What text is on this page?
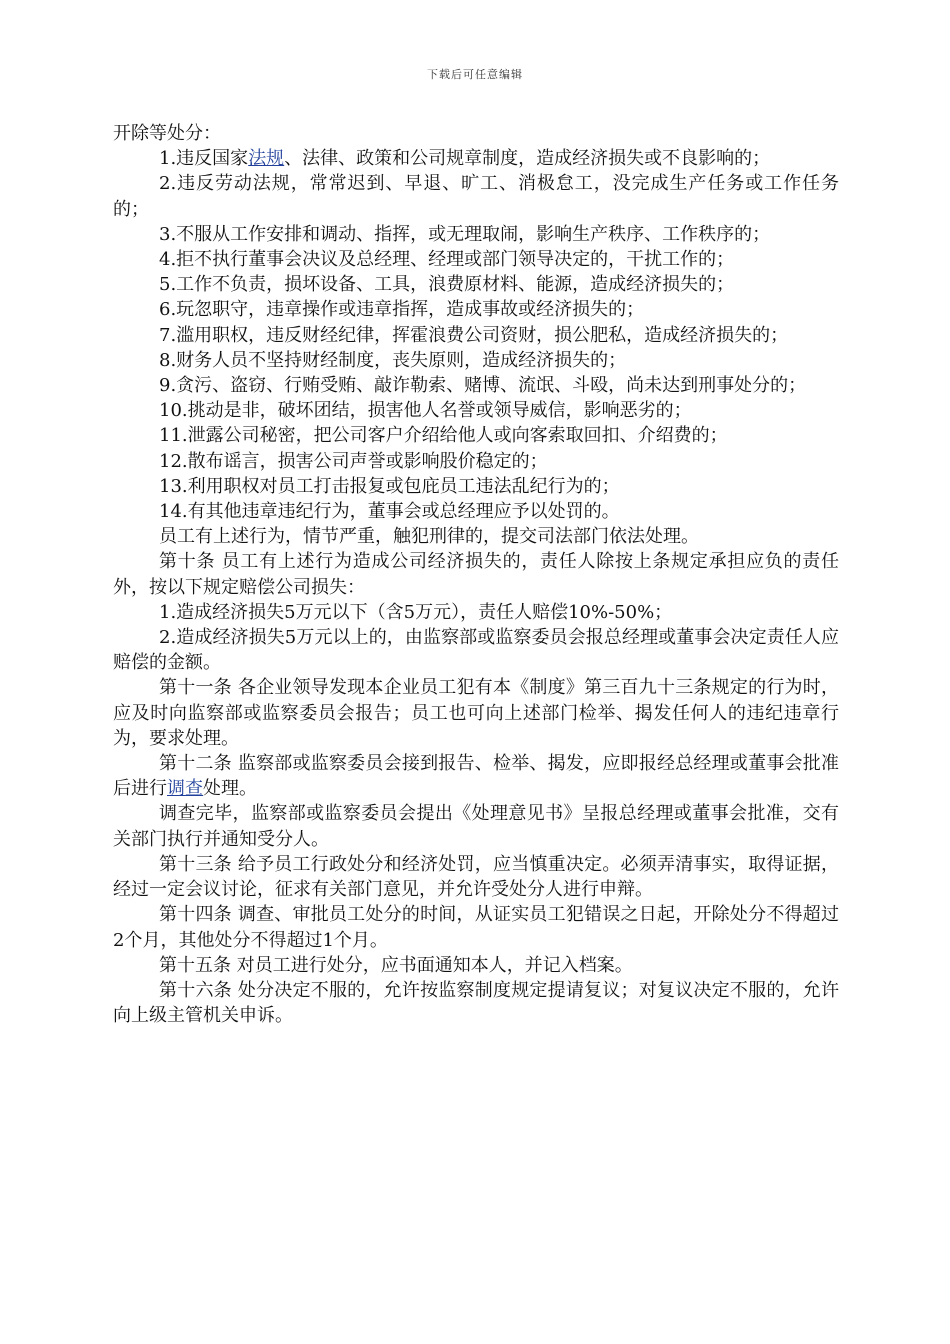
下载后可任意编辑

开除等处分：

1.违反国家法规、法律、政策和公司规章制度，造成经济损失或不良影响的；

2.违反劳动法规，常常迟到、早退、旷工、消极怠工，没完成生产任务或工作任务的；

3.不服从工作安排和调动、指挥，或无理取闹，影响生产秩序、工作秩序的；

4.拒不执行董事会决议及总经理、经理或部门领导决定的，干扰工作的；

5.工作不负责，损坏设备、工具，浪费原材料、能源，造成经济损失的；

6.玩忽职守，违章操作或违章指挥，造成事故或经济损失的；

7.滥用职权，违反财经纪律，挥霍浪费公司资财，损公肥私，造成经济损失的；

8.财务人员不坚持财经制度，丧失原则，造成经济损失的；

9.贪污、盗窃、行贿受贿、敲诈勒索、赌博、流氓、斗殴，尚未达到刑事处分的；

10.挑动是非，破坏团结，损害他人名誉或领导威信，影响恶劣的；

11.泄露公司秘密，把公司客户介绍给他人或向客索取回扣、介绍费的；

12.散布谣言，损害公司声誉或影响股价稳定的；

13.利用职权对员工打击报复或包庇员工违法乱纪行为的；

14.有其他违章违纪行为，董事会或总经理应予以处罚的。

员工有上述行为，情节严重，触犯刑律的，提交司法部门依法处理。

第十条 员工有上述行为造成公司经济损失的，责任人除按上条规定承担应负的责任外，按以下规定赔偿公司损失：

1.造成经济损失5万元以下（含5万元），责任人赔偿10%-50%；

2.造成经济损失5万元以上的，由监察部或监察委员会报总经理或董事会决定责任人应赔偿的金额。

第十一条 各企业领导发现本企业员工犯有本《制度》第三百九十三条规定的行为时，应及时向监察部或监察委员会报告；员工也可向上述部门检举、揭发任何人的违纪违章行为，要求处理。

第十二条 监察部或监察委员会接到报告、检举、揭发，应即报经总经理或董事会批准后进行调查处理。

调查完毕，监察部或监察委员会提出《处理意见书》呈报总经理或董事会批准，交有关部门执行并通知受分人。

第十三条 给予员工行政处分和经济处罚，应当慎重决定。必须弄清事实，取得证据，经过一定会议讨论，征求有关部门意见，并允许受处分人进行申辩。

第十四条 调查、审批员工处分的时间，从证实员工犯错误之日起，开除处分不得超过2个月，其他处分不得超过1个月。

第十五条 对员工进行处分，应书面通知本人，并记入档案。

第十六条 处分决定不服的，允许按监察制度规定提请复议；对复议决定不服的，允许向上级主管机关申诉。
